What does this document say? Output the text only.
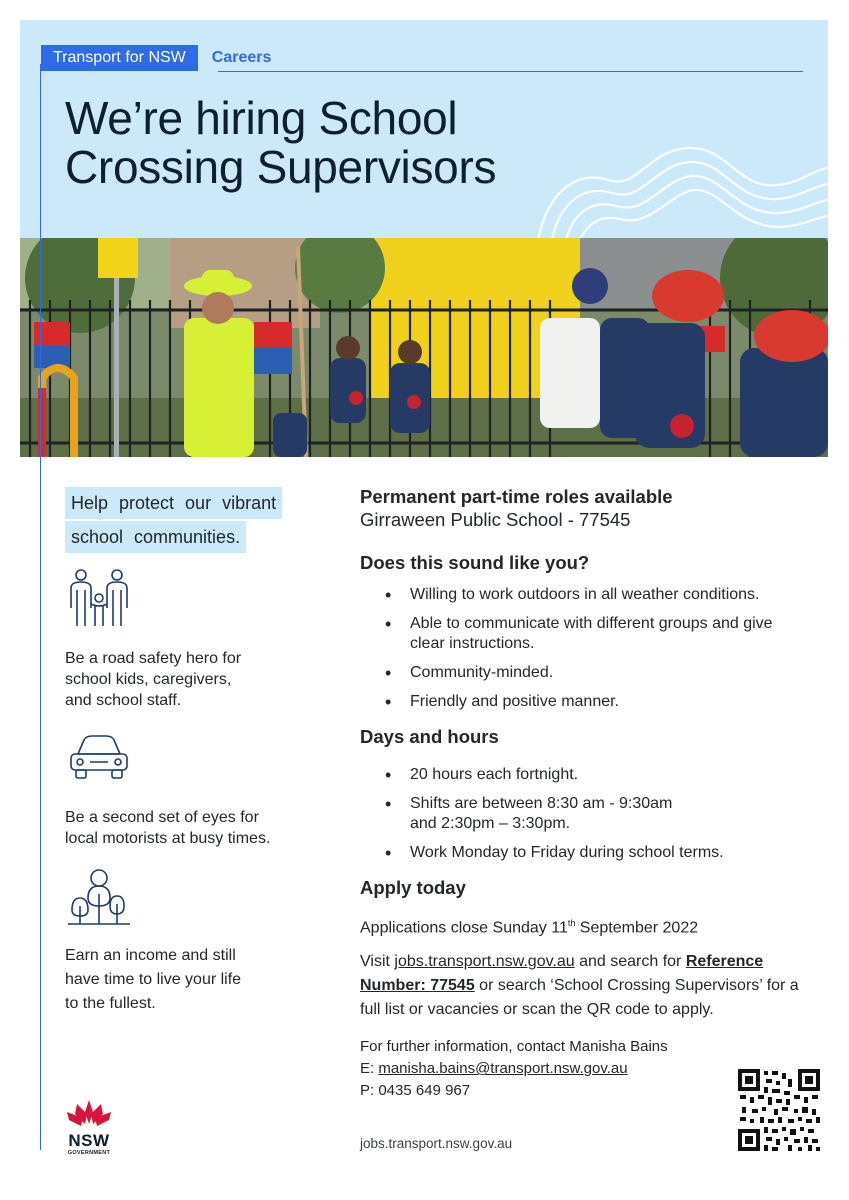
Transport for NSW	Careers
We’re hiring School
Crossing Supervisors
Help protect our vibrant school communities.
Be a road safety hero for
school kids, caregivers,
and school staff.
Be a second set of eyes for
local motorists at busy times.
Earn an income and still
have time to live your life
to the fullest.
Permanent part-time roles available

Girraween Public School - 77545

Does this sound like you?
• Willing to work outdoors in all weather conditions.
• Able to communicate with different groups and give clear instructions.
• Community-minded.
• Friendly and positive manner.
Days and hours
• 20 hours each fortnight.
• Shifts are between 8:30 am - 9:30am and 2:30pm – 3:30pm.
• Work Monday to Friday during school terms.
Apply today

Applications close Sunday 11th September 2022

Visit jobs.transport.nsw.gov.au and search for Reference Number: 77545 or search ‘School Crossing Supervisors’ for a full list or vacancies or scan the QR code to apply.

For further information, contact Manisha Bains

E: manisha.bains@transport.nsw.gov.au

P: 0435 649 967

jobs.transport.nsw.gov.au
NSW
GOVERNMENT
